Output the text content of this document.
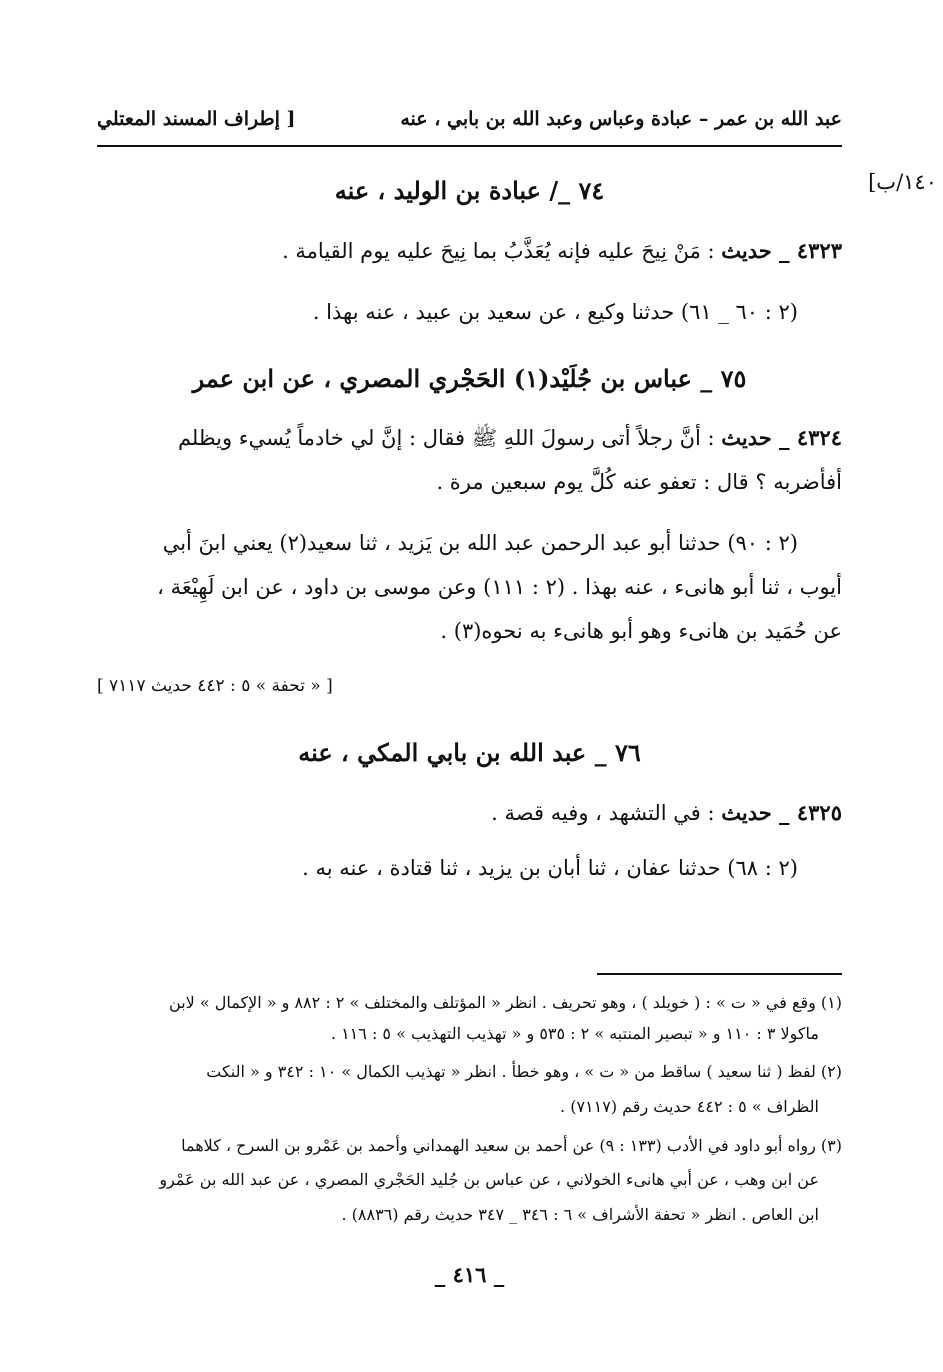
عبد الله بن عمر – عبادة وعباس وعبد الله بن بابي ، عنه
[ إطراف المسند المعتلي
١٤٠/ب]
٧٤ _/ عبادة بن الوليد ، عنه
٤٣٢٣ _ حديث : مَنْ نِيحَ عليه فإنه يُعَذَّبُ بما نِيحَ عليه يوم القيامة .
(٢ : ٦٠ _ ٦١) حدثنا وكيع ، عن سعيد بن عبيد ، عنه بهذا .
٧٥ _ عباس بن جُلَيْد(١) الحَجْري المصري ، عن ابن عمر
٤٣٢٤ _ حديث : أنَّ رجلاً أتى رسولَ اللهِ ﷺ فقال : إنَّ لي خادماً يُسيء ويظلم
أفأضربه ؟ قال : تعفو عنه كُلَّ يوم سبعين مرة .
(٢ : ٩٠) حدثنا أبو عبد الرحمن عبد الله بن يَزيد ، ثنا سعيد(٢) يعني ابنَ أبي
أيوب ، ثنا أبو هانىء ، عنه بهذا . (٢ : ١١١) وعن موسى بن داود ، عن ابن لَهِيْعَة ،
عن حُمَيد بن هانىء وهو أبو هانىء به نحوه(٣) .
[ « تحفة » ٥ : ٤٤٢ حديث ٧١١٧ ]
٧٦ _ عبد الله بن بابي المكي ، عنه
٤٣٢٥ _ حديث : في التشهد ، وفيه قصة .
(٢ : ٦٨) حدثنا عفان ، ثنا أبان بن يزيد ، ثنا قتادة ، عنه به .
(١) وقع في « ت » : ( خويلد ) ، وهو تحريف . انظر « المؤتلف والمختلف » ٢ : ٨٨٢ و « الإكمال » لابن
ماكولا ٣ : ١١٠ و « تبصير المنتبه » ٢ : ٥٣٥ و « تهذيب التهذيب » ٥ : ١١٦ .
(٢) لفظ ( ثنا سعيد ) ساقط من « ت » ، وهو خطأ . انظر « تهذيب الكمال » ١٠ : ٣٤٢ و « النكت
الظراف » ٥ : ٤٤٢ حديث رقم (٧١١٧) .
(٣) رواه أبو داود في الأدب (١٣٣ : ٩) عن أحمد بن سعيد الهمداني وأحمد بن عَمْرو بن السرح ، كلاهما
عن ابن وهب ، عن أبي هانىء الخولاني ، عن عباس بن جُليد الحَجْري المصري ، عن عبد الله بن عَمْرو
ابن العاص . انظر « تحفة الأشراف » ٦ : ٣٤٦ _ ٣٤٧ حديث رقم (٨٨٣٦) .
_ ٤١٦ _
